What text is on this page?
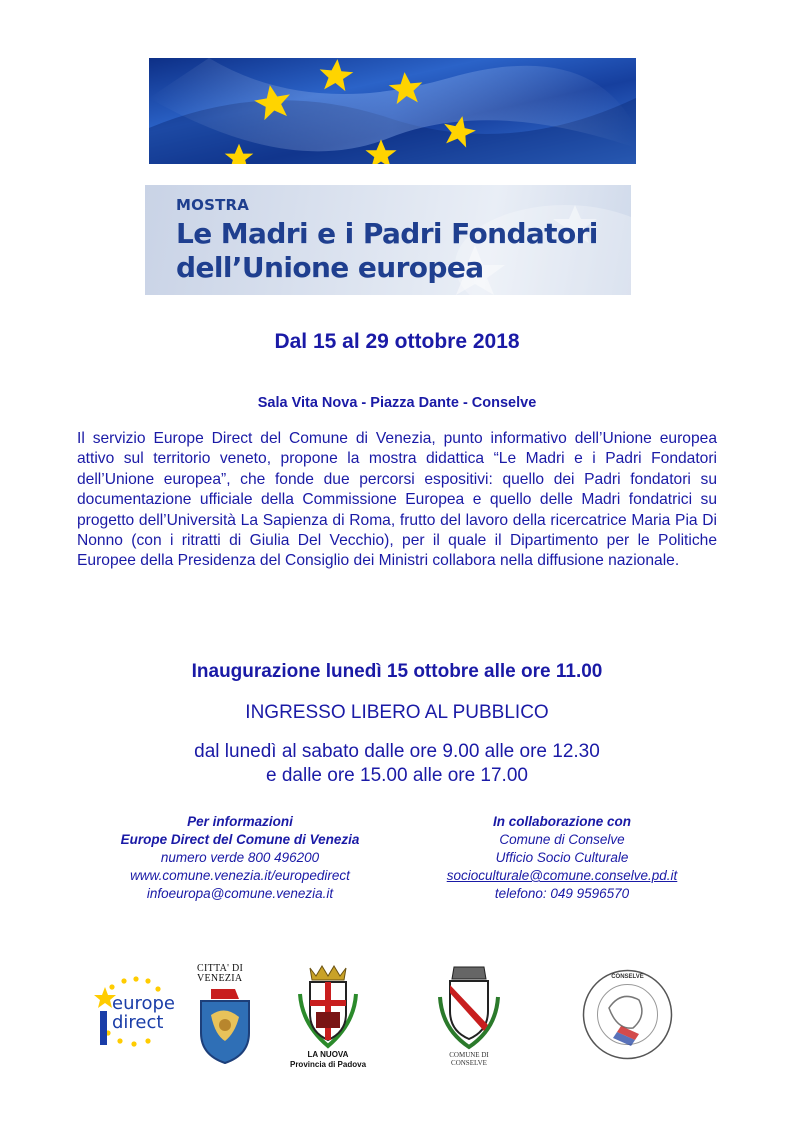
MOSTRA
Le Madri e i Padri Fondatori
dell’Unione europea
Dal 15 al 29 ottobre 2018
Sala Vita Nova - Piazza Dante - Conselve

Il servizio Europe Direct del Comune di Venezia, punto informativo dell’Unione europea attivo sul territorio veneto, propone la mostra didattica “Le Madri e i Padri Fondatori dell’Unione europea”, che fonde due percorsi espositivi: quello dei Padri fondatori su documentazione ufficiale della Commissione Europea e quello delle Madri fondatrici su progetto dell’Università La Sapienza di Roma, frutto del lavoro della ricercatrice Maria Pia Di Nonno (con i ritratti di Giulia Del Vecchio), per il quale il Dipartimento per le Politiche Europee della Presidenza del Consiglio dei Ministri collabora nella diffusione nazionale.

Inaugurazione lunedì 15 ottobre alle ore 11.00
INGRESSO LIBERO AL PUBBLICO
dal lunedì al sabato dalle ore 9.00 alle ore 12.30
e dalle ore 15.00 alle ore 17.00
Per informazioni
Europe Direct del Comune di Venezia
numero verde 800 496200
www.comune.venezia.it/europedirect
infoeuropa@comune.venezia.it
In collaborazione con
Comune di Conselve
Ufficio Socio Culturale
socioculturale@comune.conselve.pd.it
telefono: 049 9596570
europe
direct
CITTA' DI
VENEZIA
LA NUOVA
Provincia di Padova
COMUNE DI
CONSELVE
CONSELVE
